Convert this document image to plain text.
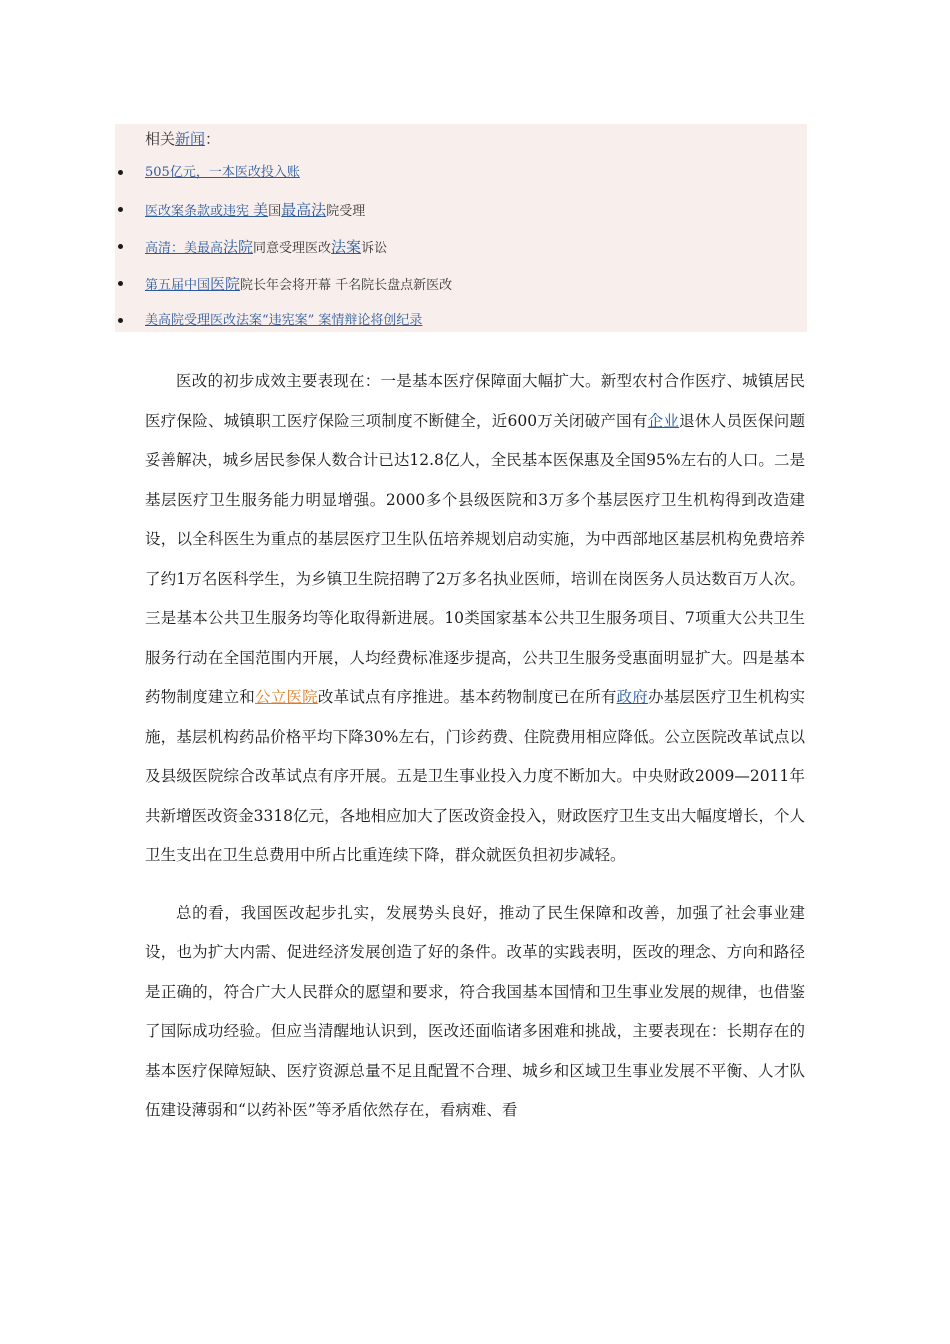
相关新闻：
505亿元，一本医改投入账
医改案条款或违宪 美国最高法院受理
高清：美最高法院同意受理医改法案诉讼
第五届中国医院院长年会将开幕 千名院长盘点新医改
美高院受理医改法案“违宪案” 案情辩论将创纪录

医改的初步成效主要表现在：一是基本医疗保障面大幅扩大。新型农村合作医疗、城镇居民医疗保险、城镇职工医疗保险三项制度不断健全，近600万关闭破产国有企业退休人员医保问题妥善解决，城乡居民参保人数合计已达12.8亿人，全民基本医保惠及全国95%左右的人口。二是基层医疗卫生服务能力明显增强。2000多个县级医院和3万多个基层医疗卫生机构得到改造建设，以全科医生为重点的基层医疗卫生队伍培养规划启动实施，为中西部地区基层机构免费培养了约1万名医科学生，为乡镇卫生院招聘了2万多名执业医师，培训在岗医务人员达数百万人次。三是基本公共卫生服务均等化取得新进展。10类国家基本公共卫生服务项目、7项重大公共卫生服务行动在全国范围内开展，人均经费标准逐步提高，公共卫生服务受惠面明显扩大。四是基本药物制度建立和公立医院改革试点有序推进。基本药物制度已在所有政府办基层医疗卫生机构实施，基层机构药品价格平均下降30%左右，门诊药费、住院费用相应降低。公立医院改革试点以及县级医院综合改革试点有序开展。五是卫生事业投入力度不断加大。中央财政2009—2011年共新增医改资金3318亿元，各地相应加大了医改资金投入，财政医疗卫生支出大幅度增长，个人卫生支出在卫生总费用中所占比重连续下降，群众就医负担初步减轻。

总的看，我国医改起步扎实，发展势头良好，推动了民生保障和改善，加强了社会事业建设，也为扩大内需、促进经济发展创造了好的条件。改革的实践表明，医改的理念、方向和路径是正确的，符合广大人民群众的愿望和要求，符合我国基本国情和卫生事业发展的规律，也借鉴了国际成功经验。但应当清醒地认识到，医改还面临诸多困难和挑战，主要表现在：长期存在的基本医疗保障短缺、医疗资源总量不足且配置不合理、城乡和区域卫生事业发展不平衡、人才队伍建设薄弱和“以药补医”等矛盾依然存在，看病难、看
